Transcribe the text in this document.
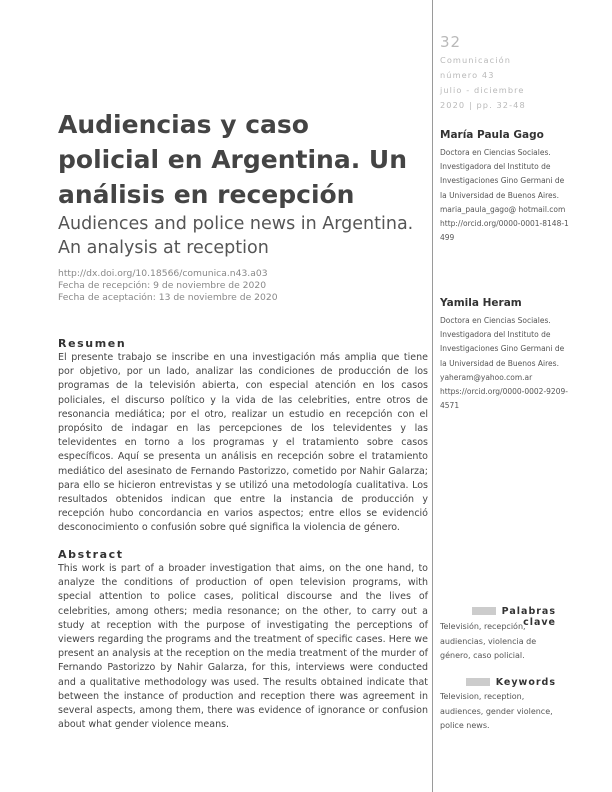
32
Comunicación
número 43
julio - diciembre
2020 | pp. 32-48
María Paula Gago

Doctora en Ciencias Sociales. Investigadora del Instituto de Investigaciones Gino Germani de la Universidad de Buenos Aires.

maria_paula_gago@ hotmail.com

http://orcid.org/0000-0001-8148-1499

Yamila Heram

Doctora en Ciencias Sociales. Investigadora del Instituto de Investigaciones Gino Germani de la Universidad de Buenos Aires.

yaheram@yahoo.com.ar

https://orcid.org/0000-0002-9209-4571

Palabras clave
Televisión, recepción, audiencias, violencia de género, caso policial.
Keywords
Television, reception, audiences, gender violence, police news.
Audiencias y caso policial en Argentina. Un análisis en recepción
Audiences and police news in Argentina. An analysis at reception
http://dx.doi.org/10.18566/comunica.n43.a03
Fecha de recepción: 9 de noviembre de 2020
Fecha de aceptación: 13 de noviembre de 2020
Resumen

El presente trabajo se inscribe en una investigación más amplia que tiene por objetivo, por un lado, analizar las condiciones de producción de los programas de la televisión abierta, con especial atención en los casos policiales, el discurso político y la vida de las celebrities, entre otros de resonancia mediática; por el otro, realizar un estudio en recepción con el propósito de indagar en las percepciones de los televidentes y las televidentes en torno a los programas y el tratamiento sobre casos específicos. Aquí se presenta un análisis en recepción sobre el tratamiento mediático del asesinato de Fernando Pastorizzo, cometido por Nahir Galarza; para ello se hicieron entrevistas y se utilizó una metodología cualitativa. Los resultados obtenidos indican que entre la instancia de producción y recepción hubo concordancia en varios aspectos; entre ellos se evidenció desconocimiento o confusión sobre qué significa la violencia de género.

Abstract

This work is part of a broader investigation that aims, on the one hand, to analyze the conditions of production of open television programs, with special attention to police cases, political discourse and the lives of celebrities, among others; media resonance; on the other, to carry out a study at reception with the purpose of investigating the perceptions of viewers regarding the programs and the treatment of specific cases. Here we present an analysis at the reception on the media treatment of the murder of Fernando Pastorizzo by Nahir Galarza, for this, interviews were conducted and a qualitative methodology was used. The results obtained indicate that between the instance of production and reception there was agreement in several aspects, among them, there was evidence of ignorance or confusion about what gender violence means.
